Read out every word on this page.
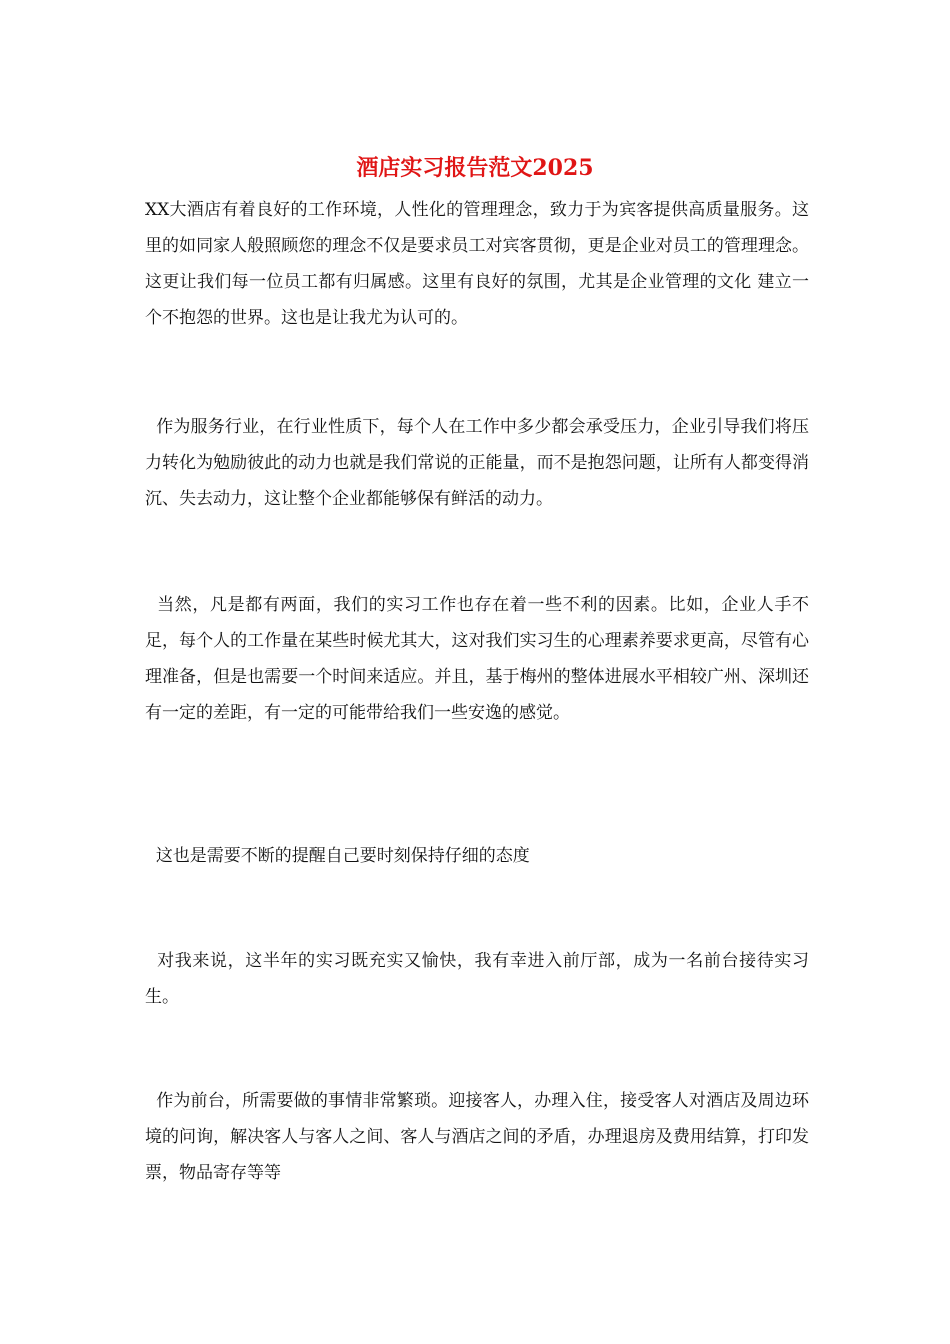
酒店实习报告范文2025
XX大酒店有着良好的工作环境，人性化的管理理念，致力于为宾客提供高质量服务。这里的如同家人般照顾您的理念不仅是要求员工对宾客贯彻，更是企业对员工的管理理念。这更让我们每一位员工都有归属感。这里有良好的氛围，尤其是企业管理的文化 建立一个不抱怨的世界。这也是让我尤为认可的。
作为服务行业，在行业性质下，每个人在工作中多少都会承受压力，企业引导我们将压力转化为勉励彼此的动力也就是我们常说的正能量，而不是抱怨问题，让所有人都变得消沉、失去动力，这让整个企业都能够保有鲜活的动力。
当然，凡是都有两面，我们的实习工作也存在着一些不利的因素。比如，企业人手不足，每个人的工作量在某些时候尤其大，这对我们实习生的心理素养要求更高，尽管有心理准备，但是也需要一个时间来适应。并且，基于梅州的整体进展水平相较广州、深圳还有一定的差距，有一定的可能带给我们一些安逸的感觉。
这也是需要不断的提醒自己要时刻保持仔细的态度
对我来说，这半年的实习既充实又愉快，我有幸进入前厅部，成为一名前台接待实习生。
作为前台，所需要做的事情非常繁琐。迎接客人，办理入住，接受客人对酒店及周边环境的问询，解决客人与客人之间、客人与酒店之间的矛盾，办理退房及费用结算，打印发票，物品寄存等等
